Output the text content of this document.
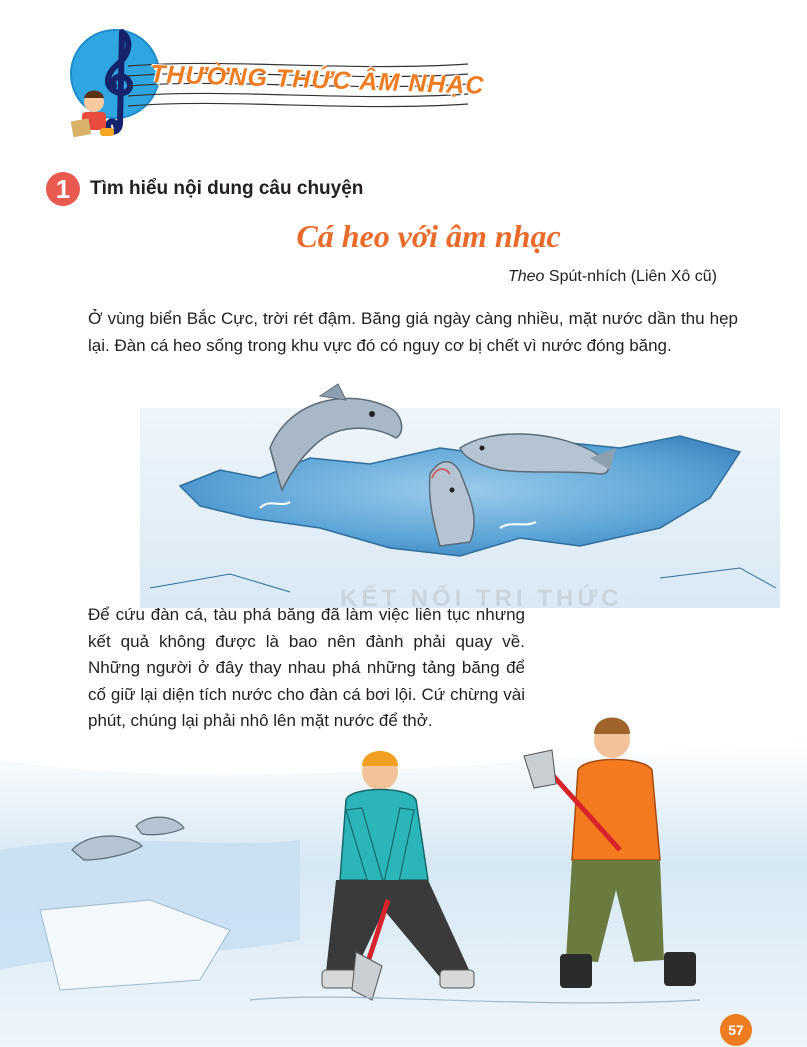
THƯỜNG THỨC ÂM NHẠC
1	Tìm hiểu nội dung câu chuyện
Cá heo với âm nhạc
Theo Spút-nhích (Liên Xô cũ)
Ở vùng biển Bắc Cực, trời rét đậm. Băng giá ngày càng nhiều, mặt nước dần thu hẹp lại. Đàn cá heo sống trong khu vực đó có nguy cơ bị chết vì nước đóng băng.
KẾT NỐI TRI THỨC
Để cứu đàn cá, tàu phá băng đã làm việc liên tục nhưng kết quả không được là bao nên đành phải quay về. Những người ở đây thay nhau phá những tảng băng để cố giữ lại diện tích nước cho đàn cá bơi lội. Cứ chừng vài phút, chúng lại phải nhô lên mặt nước để thở.
57
